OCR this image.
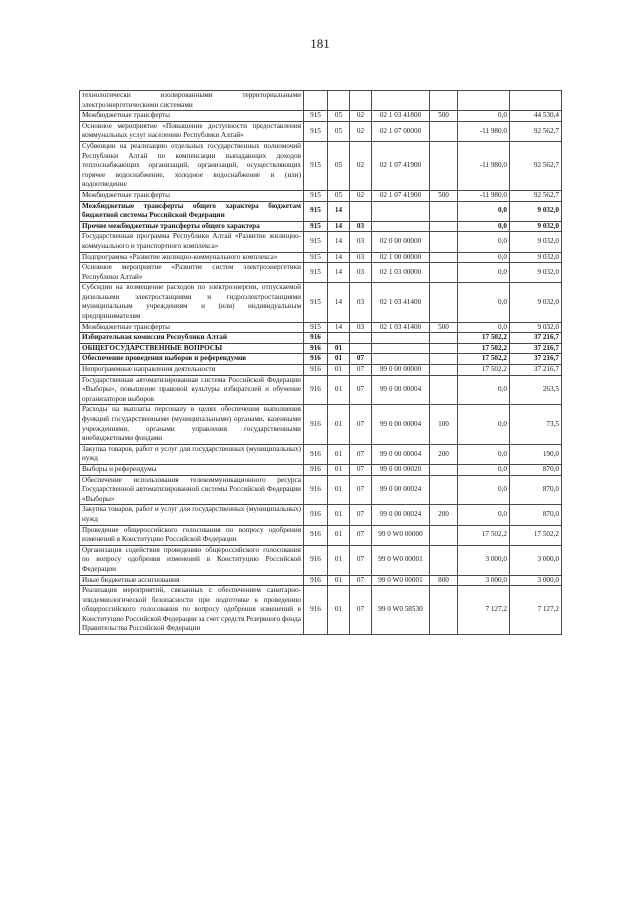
181
технологически изолированными территориальными электроэнергетическими системами							
Межбюджетные трансферты	915	05	02	02 1 03 41800	500	0,0	44 530,4
Основное мероприятие «Повышение доступности предоставления коммунальных услуг населению Республики Алтай»	915	05	02	02 1 07 00000		-11 980,0	92 562,7
Субвенции на реализацию отдельных государственных полномочий Республики Алтай по компенсации выпадающих доходов теплоснабжающих организаций, организаций, осуществляющих горячее водоснабжение, холодное водоснабжение и (или) водоотведение	915	05	02	02 1 07 41900		-11 980,0	92 562,7
Межбюджетные трансферты	915	05	02	02 1 07 41900	500	-11 980,0	92 562,7
Межбюджетные трансферты общего характера бюджетам бюджетной системы Российской Федерации	915	14				0,0	9 032,0
Прочие межбюджетные трансферты общего характера	915	14	03			0,0	9 032,0
Государственная программа Республики Алтай «Развитие жилищно-коммунального и транспортного комплекса»	915	14	03	02 0 00 00000		0,0	9 032,0
Подпрограмма «Развитие жилищно-коммунального комплекса»	915	14	03	02 1 00 00000		0,0	9 032,0
Основное мероприятие «Развитие систем электроэнергетики Республики Алтай»	915	14	03	02 1 03 00000		0,0	9 032,0
Субсидии на возмещение расходов по электроэнергии, отпускаемой дизельными электростанциями и гидроэлектростанциями муниципальным учреждениям и (или) индивидуальным предпринимателям	915	14	03	02 1 03 41400		0,0	9 032,0
Межбюджетные трансферты	915	14	03	02 1 03 41400	500	0,0	9 032,0
Избирательная комиссия Республики Алтай	916					17 502,2	37 216,7
ОБЩЕГОСУДАРСТВЕННЫЕ ВОПРОСЫ	916	01				17 502,2	37 216,7
Обеспечение проведения выборов и референдумов	916	01	07			17 502,2	37 216,7
Непрограммные направления деятельности	916	01	07	99 0 00 00000		17 502,2	37 216,7
Государственная автоматизированная система Российской Федерации «Выборы», повышение правовой культуры избирателей и обучение организаторов выборов	916	01	07	99 0 00 00004		0,0	263,5
Расходы на выплаты персоналу в целях обеспечения выполнения функций государственными (муниципальными) органами, казенными учреждениями, органами управления государственными внебюджетными фондами	916	01	07	99 0 00 00004	100	0,0	73,5
Закупка товаров, работ и услуг для государственных (муниципальных) нужд	916	01	07	99 0 00 00004	200	0,0	190,0
Выборы и референдумы	916	01	07	99 0 00 00020		0,0	870,0
Обеспечение использования телекоммуникационного ресурса Государственной автоматизированной системы Российской Федерации «Выборы»	916	01	07	99 0 00 00024		0,0	870,0
Закупка товаров, работ и услуг для государственных (муниципальных) нужд	916	01	07	99 0 00 00024	200	0,0	870,0
Проведение общероссийского голосования по вопросу одобрения изменений в Конституцию Российской Федерации	916	01	07	99 0 W0 00000		17 502,2	17 502,2
Организация содействия проведению общероссийского голосования по вопросу одобрения изменений в Конституцию Российской Федерации	916	01	07	99 0 W0 00001		3 000,0	3 000,0
Иные бюджетные ассигнования	916	01	07	99 0 W0 00001	800	3 000,0	3 000,0
Реализация мероприятий, связанных с обеспечением санитарно-эпидемиологической безопасности при подготовке к проведению общероссийского голосования по вопросу одобрения изменений в Конституцию Российской Федерации за счет средств Резервного фонда Правительства Российской Федерации	916	01	07	99 0 W0 58530		7 127,2	7 127,2
